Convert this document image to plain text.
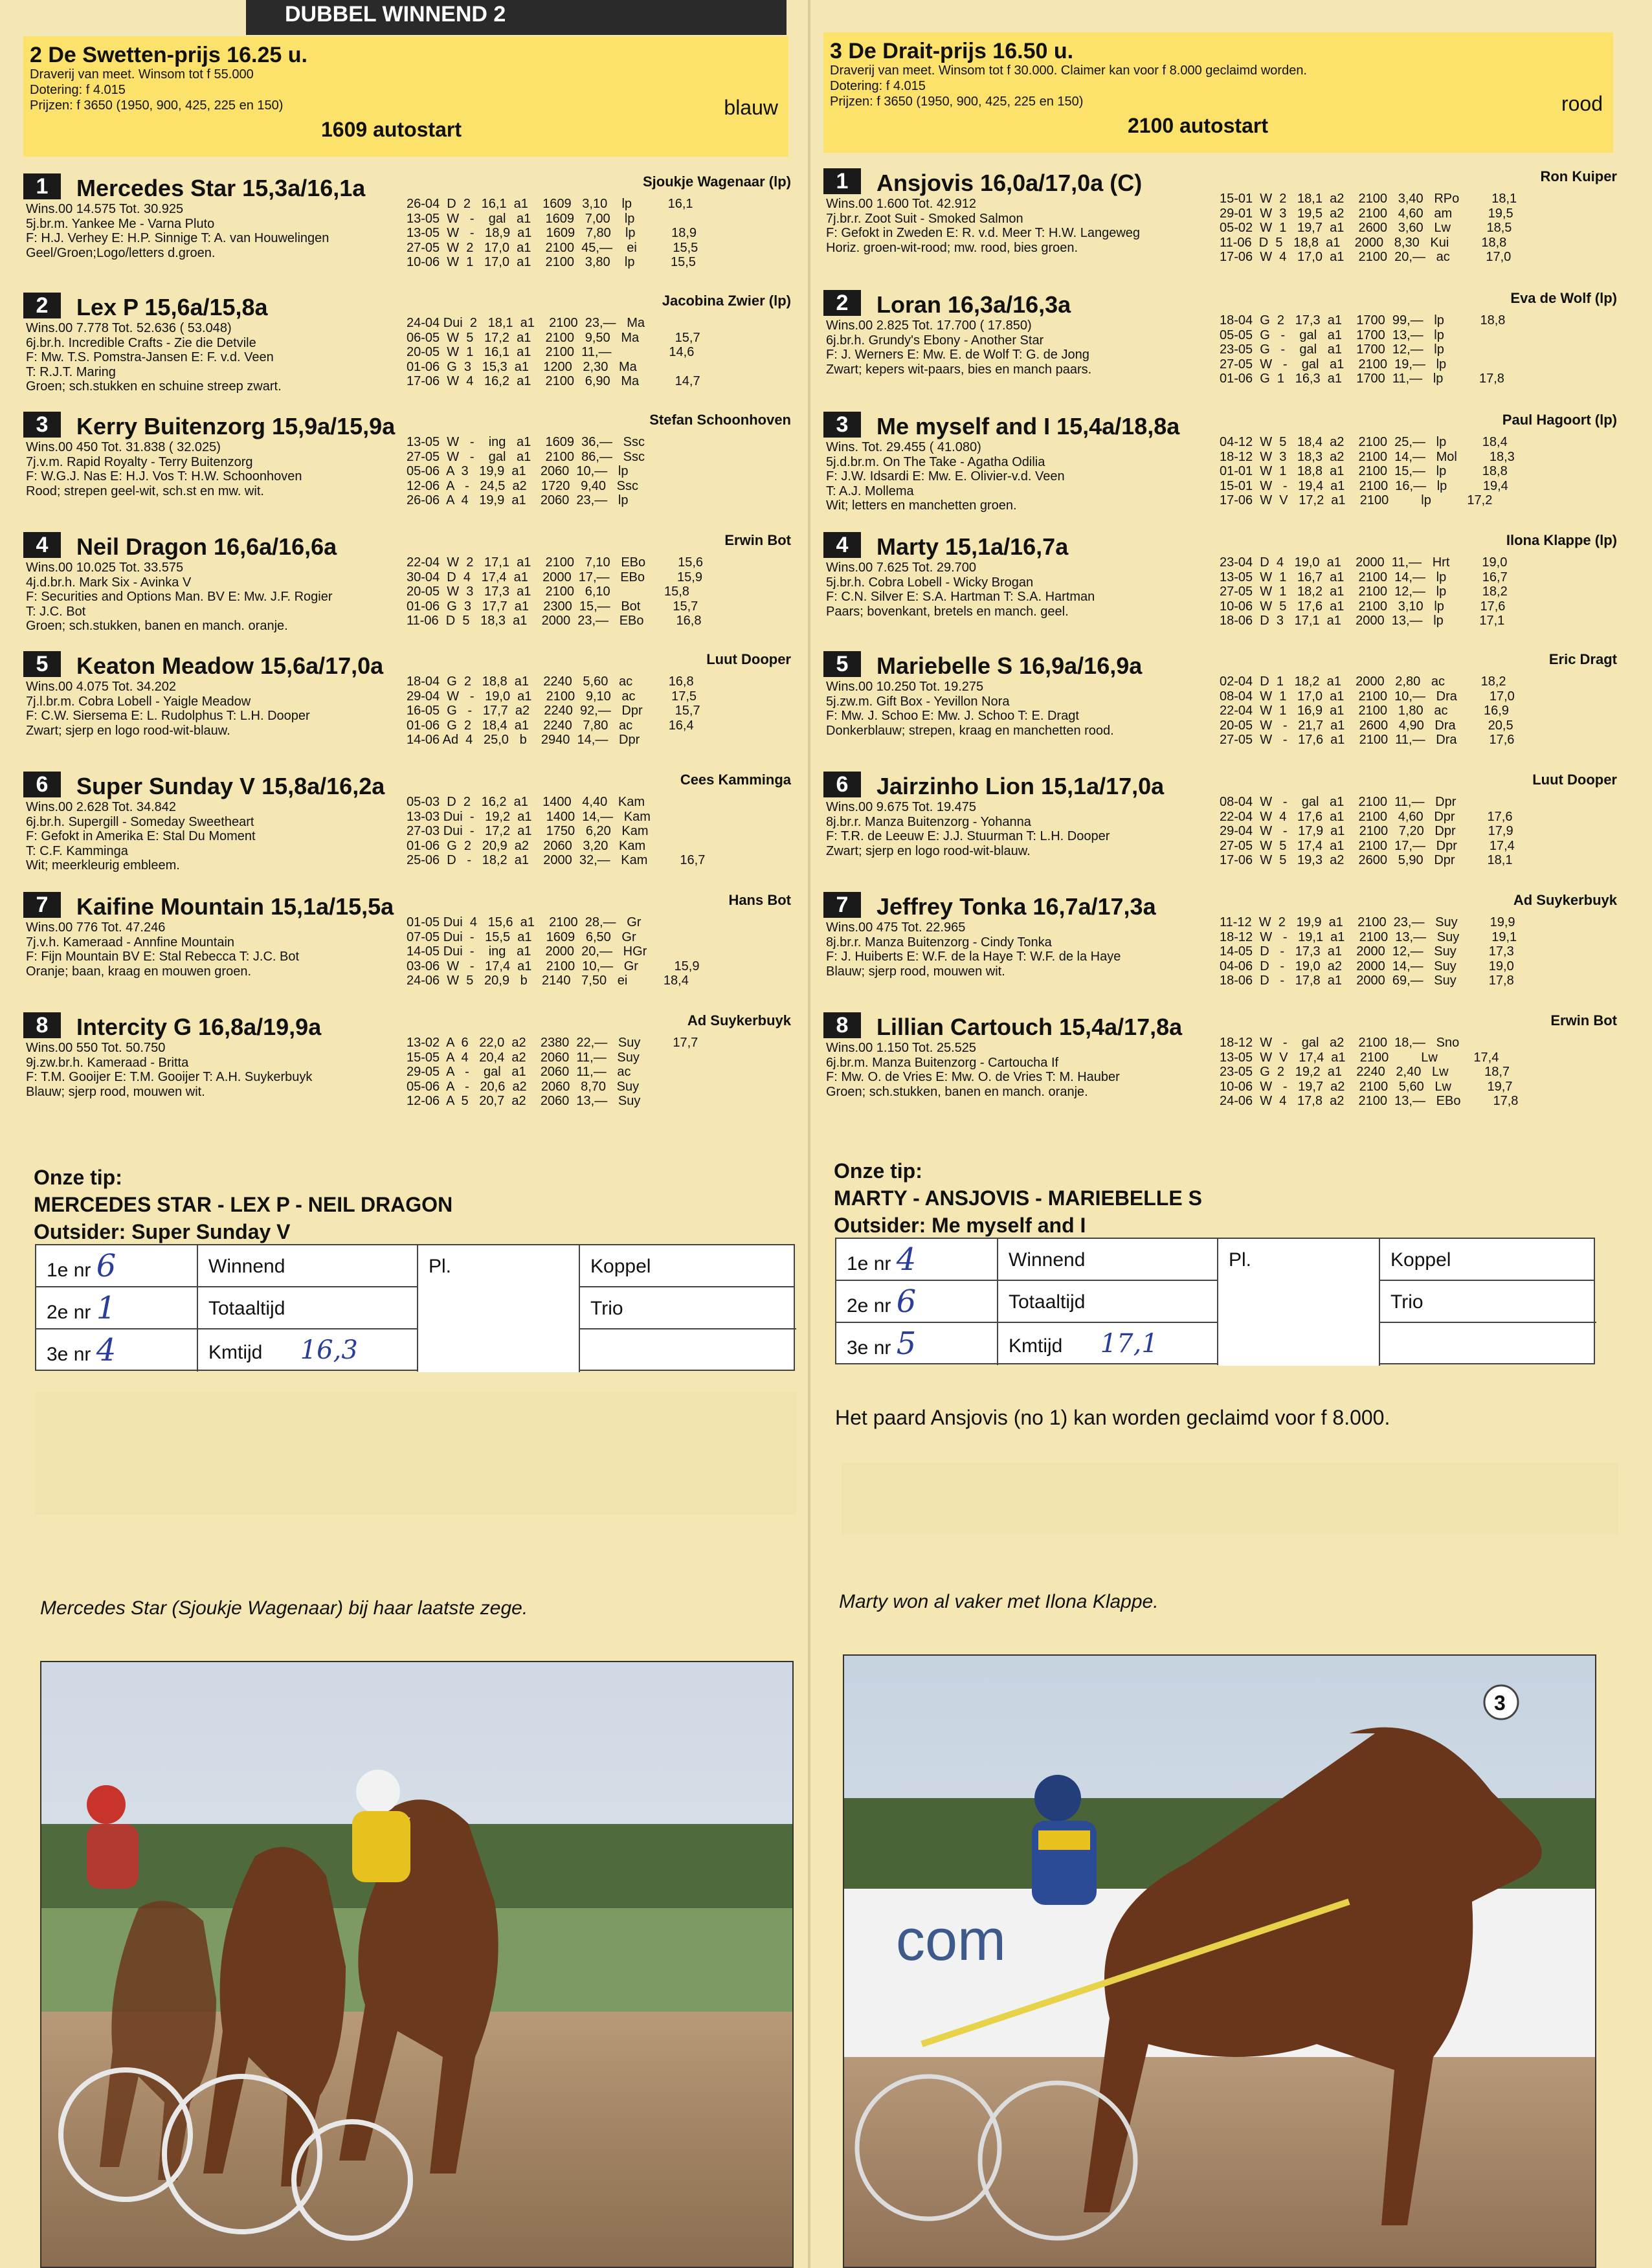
DUBBEL WINNEND 2
2 De Swetten-prijs 16.25 u.
Draverij van meet. Winsom tot f 55.000
Dotering: f 4.015
Prijzen: f 3650 (1950, 900, 425, 225 en 150)	blauw
1609 autostart
1	Mercedes Star 15,3a/16,1a	Sjoukje Wagenaar (lp)
Wins.00 14.575 Tot. 30.925
5j.br.m. Yankee Me - Varna Pluto
F: H.J. Verhey E: H.P. Sinnige T: A. van Houwelingen
Geel/Groen;Logo/letters d.groen.
26-04  D  2   16,1  a1    1609   3,10    lp          16,1
13-05  W   -    gal   a1    1609   7,00    lp
13-05  W   -   18,9  a1    1609   7,80    lp          18,9
27-05  W  2   17,0  a1    2100  45,—    ei          15,5
10-06  W  1   17,0  a1    2100   3,80    lp          15,5
2	Lex P 15,6a/15,8a	Jacobina Zwier (lp)
Wins.00 7.778 Tot. 52.636 ( 53.048)
6j.br.h. Incredible Crafts - Zie die Detvile
F: Mw. T.S. Pomstra-Jansen E: F. v.d. Veen
T: R.J.T. Maring
Groen; sch.stukken en schuine streep zwart.
24-04 Dui  2   18,1  a1    2100  23,—   Ma
06-05  W  5   17,2  a1    2100   9,50   Ma          15,7
20-05  W  1   16,1  a1    2100  11,—                14,6
01-06  G  3   15,3  a1    1200   2,30   Ma
17-06  W  4   16,2  a1    2100   6,90   Ma          14,7
3	Kerry Buitenzorg 15,9a/15,9a	Stefan Schoonhoven
Wins.00 450 Tot. 31.838 ( 32.025)
7j.v.m. Rapid Royalty - Terry Buitenzorg
F: W.G.J. Nas E: H.J. Vos T: H.W. Schoonhoven
Rood; strepen geel-wit, sch.st en mw. wit.
13-05  W   -    ing   a1    1609  36,—   Ssc
27-05  W   -    gal   a1    2100  86,—   Ssc
05-06  A  3   19,9  a1    2060  10,—   lp
12-06  A   -   24,5  a2    1720   9,40   Ssc
26-06  A  4   19,9  a1    2060  23,—   lp
4	Neil Dragon 16,6a/16,6a	Erwin Bot
Wins.00 10.025 Tot. 33.575
4j.d.br.h. Mark Six - Avinka V
F: Securities and Options Man. BV E: Mw. J.F. Rogier
T: J.C. Bot
Groen; sch.stukken, banen en manch. oranje.
22-04  W  2   17,1  a1    2100   7,10   EBo         15,6
30-04  D  4   17,4  a1    2000  17,—   EBo         15,9
20-05  W  3   17,3  a1    2100   6,10               15,8
01-06  G  3   17,7  a1    2300  15,—   Bot         15,7
11-06  D  5   18,3  a1    2000  23,—   EBo         16,8
5	Keaton Meadow 15,6a/17,0a	Luut Dooper
Wins.00 4.075 Tot. 34.202
7j.l.br.m. Cobra Lobell - Yaigle Meadow
F: C.W. Siersema E: L. Rudolphus T: L.H. Dooper
Zwart; sjerp en logo rood-wit-blauw.
18-04  G  2   18,8  a1    2240   5,60   ac          16,8
29-04  W   -   19,0  a1    2100   9,10   ac          17,5
16-05  G   -   17,7  a2    2240  92,—   Dpr         15,7
01-06  G  2   18,4  a1    2240   7,80   ac          16,4
14-06 Ad  4   25,0   b    2940  14,—   Dpr
6	Super Sunday V 15,8a/16,2a	Cees Kamminga
Wins.00 2.628 Tot. 34.842
6j.br.h. Supergill - Someday Sweetheart
F: Gefokt in Amerika E: Stal Du Moment
T: C.F. Kamminga
Wit; meerkleurig embleem.
05-03  D  2   16,2  a1    1400   4,40   Kam
13-03 Dui  -   19,2  a1    1400  14,—   Kam
27-03 Dui  -   17,2  a1    1750   6,20   Kam
01-06  G  2   20,9  a2    2060   3,20   Kam
25-06  D   -   18,2  a1    2000  32,—   Kam         16,7
7	Kaifine Mountain 15,1a/15,5a	Hans Bot
Wins.00 776 Tot. 47.246
7j.v.h. Kameraad - Annfine Mountain
F: Fijn Mountain BV E: Stal Rebecca T: J.C. Bot
Oranje; baan, kraag en mouwen groen.
01-05 Dui  4   15,6  a1    2100  28,—   Gr
07-05 Dui  -   15,5  a1    1609   6,50   Gr
14-05 Dui  -    ing   a1    2000  20,—   HGr
03-06  W   -   17,4  a1    2100  10,—   Gr          15,9
24-06  W  5   20,9   b    2140   7,50   ei          18,4
8	Intercity G 16,8a/19,9a	Ad Suykerbuyk
Wins.00 550 Tot. 50.750
9j.zw.br.h. Kameraad - Britta
F: T.M. Gooijer E: T.M. Gooijer T: A.H. Suykerbuyk
Blauw; sjerp rood, mouwen wit.
13-02  A  6   22,0  a2    2380  22,—   Suy         17,7
15-05  A  4   20,4  a2    2060  11,—   Suy
29-05  A   -    gal   a1    2060  11,—   ac
05-06  A   -   20,6  a2    2060   8,70   Suy
12-06  A  5   20,7  a2    2060  13,—   Suy
Onze tip:
MERCEDES STAR - LEX P - NEIL DRAGON
Outsider: Super Sunday V
1e nr 6	Winnend	Pl.	Koppel
2e nr 1	Totaaltijd	Trio
3e nr 4	Kmtijd 16,3
Mercedes Star (Sjoukje Wagenaar) bij haar laatste zege.
3 De Drait-prijs 16.50 u.
Draverij van meet. Winsom tot f 30.000. Claimer kan voor f 8.000 geclaimd worden.
Dotering: f 4.015
Prijzen: f 3650 (1950, 900, 425, 225 en 150)	rood
2100 autostart
1	Ansjovis 16,0a/17,0a (C)	Ron Kuiper
Wins.00 1.600 Tot. 42.912
7j.br.r. Zoot Suit - Smoked Salmon
F: Gefokt in Zweden E: R. v.d. Meer T: H.W. Langeweg
Horiz. groen-wit-rood; mw. rood, bies groen.
15-01  W  2   18,1  a2    2100   3,40   RPo         18,1
29-01  W  3   19,5  a2    2100   4,60   am          19,5
05-02  W  1   19,7  a1    2600   3,60   Lw          18,5
11-06  D  5   18,8  a1    2000   8,30   Kui         18,8
17-06  W  4   17,0  a1    2100  20,—   ac          17,0
2	Loran 16,3a/16,3a	Eva de Wolf (lp)
Wins.00 2.825 Tot. 17.700 ( 17.850)
6j.br.h. Grundy's Ebony - Another Star
F: J. Werners E: Mw. E. de Wolf T: G. de Jong
Zwart; kepers wit-paars, bies en manch paars.
18-04  G  2   17,3  a1    1700  99,—   lp          18,8
05-05  G   -    gal   a1    1700  13,—   lp
23-05  G   -    gal   a1    1700  12,—   lp
27-05  W   -    gal   a1    2100  19,—   lp
01-06  G  1   16,3  a1    1700  11,—   lp          17,8
3	Me myself and I 15,4a/18,8a	Paul Hagoort (lp)
Wins. Tot. 29.455 ( 41.080)
5j.d.br.m. On The Take - Agatha Odilia
F: J.W. Idsardi E: Mw. E. Olivier-v.d. Veen
T: A.J. Mollema
Wit; letters en manchetten groen.
04-12  W  5   18,4  a2    2100  25,—   lp          18,4
18-12  W  3   18,3  a2    2100  14,—   Mol         18,3
01-01  W  1   18,8  a1    2100  15,—   lp          18,8
15-01  W   -   19,4  a1    2100  16,—   lp          19,4
17-06  W  V   17,2  a1    2100         lp          17,2
4	Marty 15,1a/16,7a	Ilona Klappe (lp)
Wins.00 7.625 Tot. 29.700
5j.br.h. Cobra Lobell - Wicky Brogan
F: C.N. Silver E: S.A. Hartman T: S.A. Hartman
Paars; bovenkant, bretels en manch. geel.
23-04  D  4   19,0  a1    2000  11,—   Hrt         19,0
13-05  W  1   16,7  a1    2100  14,—   lp          16,7
27-05  W  1   18,2  a1    2100  12,—   lp          18,2
10-06  W  5   17,6  a1    2100   3,10   lp          17,6
18-06  D  3   17,1  a1    2000  13,—   lp          17,1
5	Mariebelle S 16,9a/16,9a	Eric Dragt
Wins.00 10.250 Tot. 19.275
5j.zw.m. Gift Box - Yevillon Nora
F: Mw. J. Schoo E: Mw. J. Schoo T: E. Dragt
Donkerblauw; strepen, kraag en manchetten rood.
02-04  D  1   18,2  a1    2000   2,80   ac          18,2
08-04  W  1   17,0  a1    2100  10,—   Dra         17,0
22-04  W  1   16,9  a1    2100   1,80   ac          16,9
20-05  W   -   21,7  a1    2600   4,90   Dra         20,5
27-05  W   -   17,6  a1    2100  11,—   Dra         17,6
6	Jairzinho Lion 15,1a/17,0a	Luut Dooper
Wins.00 9.675 Tot. 19.475
8j.br.r. Manza Buitenzorg - Yohanna
F: T.R. de Leeuw E: J.J. Stuurman T: L.H. Dooper
Zwart; sjerp en logo rood-wit-blauw.
08-04  W   -    gal   a1    2100  11,—   Dpr
22-04  W  4   17,6  a1    2100   4,60   Dpr         17,6
29-04  W   -   17,9  a1    2100   7,20   Dpr         17,9
27-05  W  5   17,4  a1    2100  17,—   Dpr         17,4
17-06  W  5   19,3  a2    2600   5,90   Dpr         18,1
7	Jeffrey Tonka 16,7a/17,3a	Ad Suykerbuyk
Wins.00 475 Tot. 22.965
8j.br.r. Manza Buitenzorg - Cindy Tonka
F: J. Huiberts E: W.F. de la Haye T: W.F. de la Haye
Blauw; sjerp rood, mouwen wit.
11-12  W  2   19,9  a1    2100  23,—   Suy         19,9
18-12  W   -   19,1  a1    2100  13,—   Suy         19,1
14-05  D   -   17,3  a1    2000  12,—   Suy         17,3
04-06  D   -   19,0  a2    2000  14,—   Suy         19,0
18-06  D   -   17,8  a1    2000  69,—   Suy         17,8
8	Lillian Cartouch 15,4a/17,8a	Erwin Bot
Wins.00 1.150 Tot. 25.525
6j.br.m. Manza Buitenzorg - Cartoucha If
F: Mw. O. de Vries E: Mw. O. de Vries T: M. Hauber
Groen; sch.stukken, banen en manch. oranje.
18-12  W   -    gal   a2    2100  18,—   Sno
13-05  W  V   17,4  a1    2100         Lw          17,4
23-05  G  2   19,2  a1    2240   2,40   Lw          18,7
10-06  W   -   19,7  a2    2100   5,60   Lw          19,7
24-06  W  4   17,8  a2    2100  13,—   EBo         17,8
Onze tip:
MARTY - ANSJOVIS - MARIEBELLE S
Outsider: Me myself and I
1e nr 4	Winnend	Pl.	Koppel
2e nr 6	Totaaltijd	Trio
3e nr 5	Kmtijd 17,1
Het paard Ansjovis (no 1) kan worden geclaimd voor f 8.000.
Marty won al vaker met Ilona Klappe.
com
3
